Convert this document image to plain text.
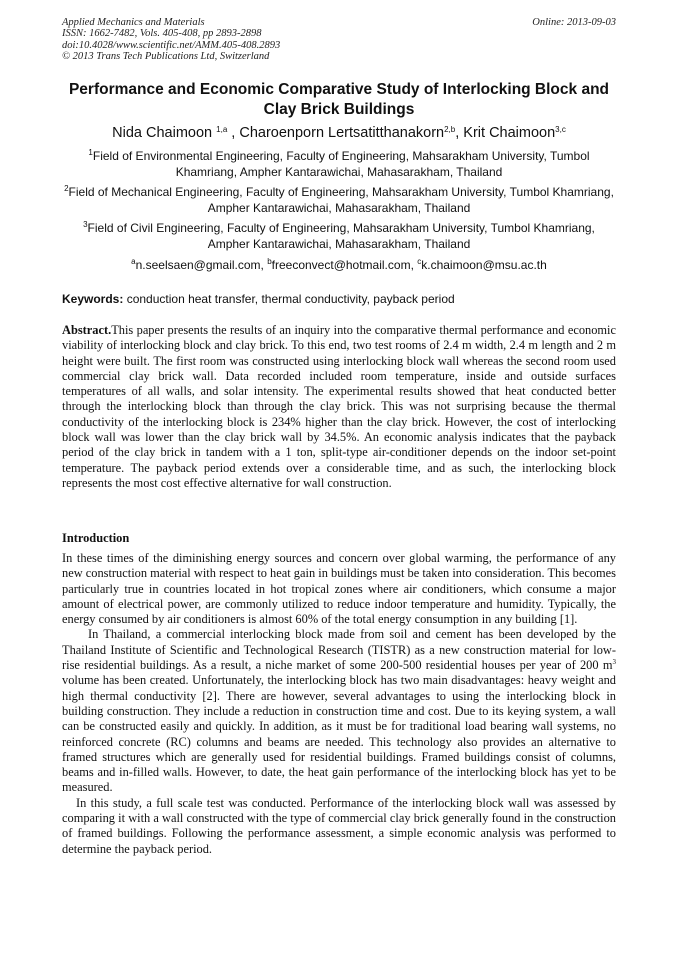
Applied Mechanics and Materials
ISSN: 1662-7482, Vols. 405-408, pp 2893-2898
doi:10.4028/www.scientific.net/AMM.405-408.2893
© 2013 Trans Tech Publications Ltd, Switzerland
Online: 2013-09-03
Performance and Economic Comparative Study of Interlocking Block and Clay Brick Buildings
Nida Chaimoon $^{1,a}$ , Charoenporn Lertsatitthanakorn$^{2,b}$, Krit Chaimoon$^{3,c}$
$^1$Field of Environmental Engineering, Faculty of Engineering, Mahsarakham University, Tumbol Khamriang, Ampher Kantarawichai, Mahasarakham, Thailand
$^2$Field of Mechanical Engineering, Faculty of Engineering, Mahsarakham University, Tumbol Khamriang, Ampher Kantarawichai, Mahasarakham, Thailand
$^3$Field of Civil Engineering, Faculty of Engineering, Mahsarakham University, Tumbol Khamriang, Ampher Kantarawichai, Mahasarakham, Thailand
$^a$n.seelsaen@gmail.com, $^b$freeconvect@hotmail.com, $^c$k.chaimoon@msu.ac.th
Keywords: conduction heat transfer, thermal conductivity, payback period
Abstract.This paper presents the results of an inquiry into the comparative thermal performance and economic viability of interlocking block and clay brick. To this end, two test rooms of 2.4 m width, 2.4 m length and 2 m height were built. The first room was constructed using interlocking block wall whereas the second room used commercial clay brick wall. Data recorded included room temperature, inside and outside surfaces temperatures of all walls, and solar intensity. The experimental results showed that heat conducted better through the interlocking block than through the clay brick. This was not surprising because the thermal conductivity of the interlocking block is 234% higher than the clay brick. However, the cost of interlocking block wall was lower than the clay brick wall by 34.5%. An economic analysis indicates that the payback period of the clay brick in tandem with a 1 ton, split-type air-conditioner depends on the indoor set-point temperature. The payback period extends over a considerable time, and as such, the interlocking block represents the most cost effective alternative for wall construction.
Introduction

In these times of the diminishing energy sources and concern over global warming, the performance of any new construction material with respect to heat gain in buildings must be taken into consideration. This becomes particularly true in countries located in hot tropical zones where air conditioners, which consume a major amount of electrical power, are commonly utilized to reduce indoor temperature and humidity. Typically, the energy consumed by air conditioners is almost 60% of the total energy consumption in any building [1].

In Thailand, a commercial interlocking block made from soil and cement has been developed by the Thailand Institute of Scientific and Technological Research (TISTR) as a new construction material for low-rise residential buildings. As a result, a niche market of some 200-500 residential houses per year of 200 $m^3$ volume has been created. Unfortunately, the interlocking block has two main disadvantages: heavy weight and high thermal conductivity [2]. There are however, several advantages to using the interlocking block in building construction. They include a reduction in construction time and cost. Due to its keying system, a wall can be constructed easily and quickly. In addition, as it must be for traditional load bearing wall systems, no reinforced concrete (RC) columns and beams are needed. This technology also provides an alternative to framed structures which are generally used for residential buildings. Framed buildings consist of columns, beams and in-filled walls. However, to date, the heat gain performance of the interlocking block has yet to be measured.

In this study, a full scale test was conducted. Performance of the interlocking block wall was assessed by comparing it with a wall constructed with the type of commercial clay brick generally found in the construction of framed buildings. Following the performance assessment, a simple economic analysis was performed to determine the payback period.
